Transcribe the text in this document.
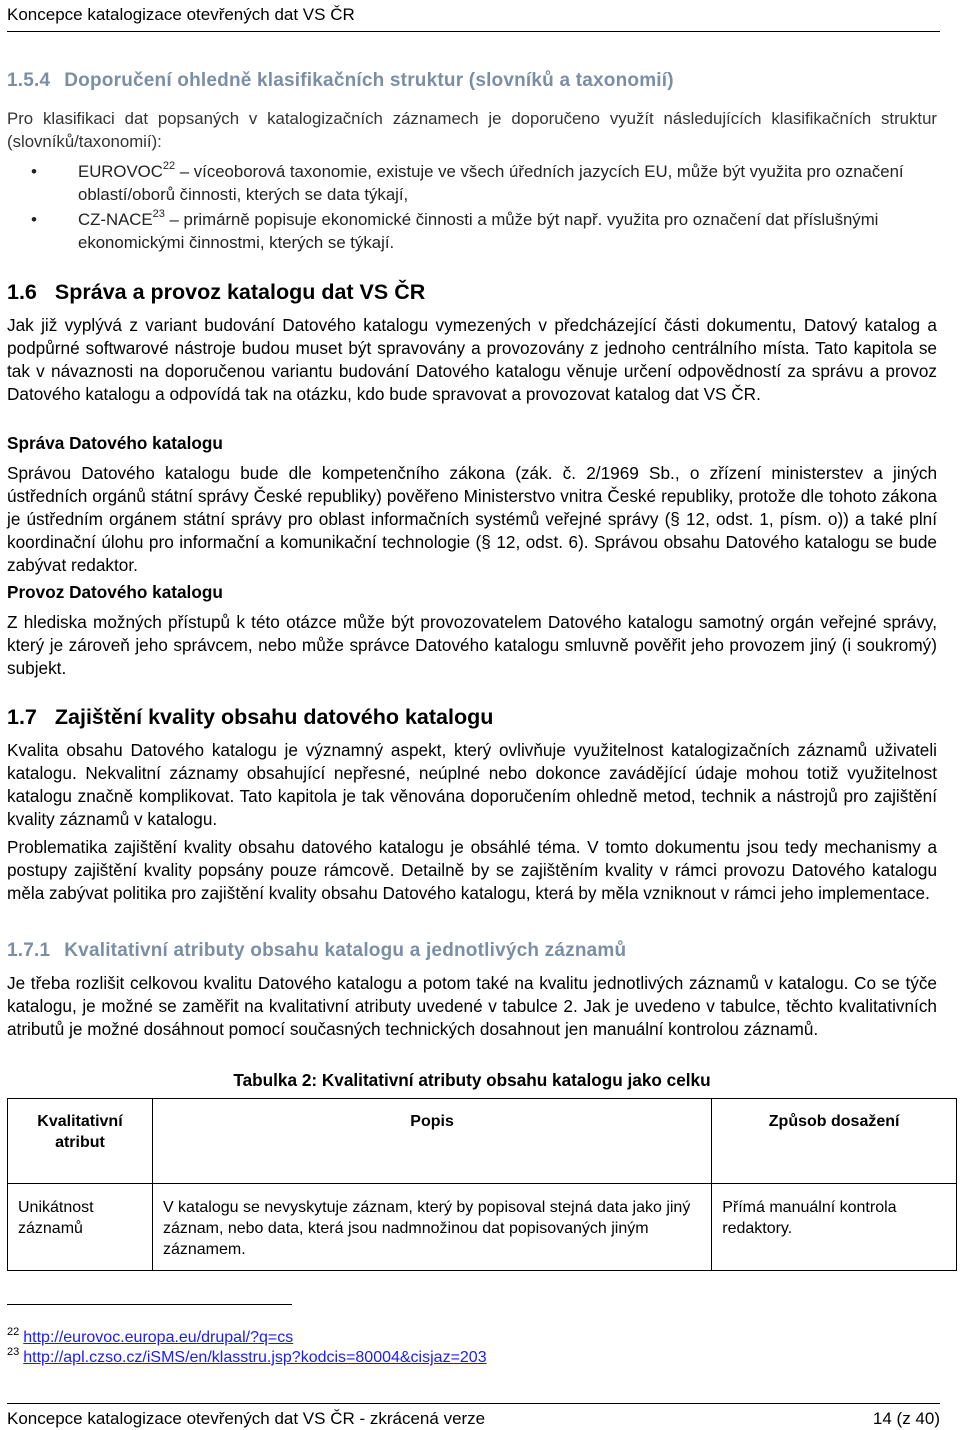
Koncepce katalogizace otevřených dat VS ČR
1.5.4 Doporučení ohledně klasifikačních struktur (slovníků a taxonomií)
Pro klasifikaci dat popsaných v katalogizačních záznamech je doporučeno využít následujících klasifikačních struktur (slovníků/taxonomií):
• EUROVOC$^{22}$ – víceoborová taxonomie, existuje ve všech úředních jazycích EU, může být využita pro označení oblastí/oborů činnosti, kterých se data týkají,
• CZ-NACE$^{23}$ – primárně popisuje ekonomické činnosti a může být např. využita pro označení dat příslušnými ekonomickými činnostmi, kterých se týkají.
1.6 Správa a provoz katalogu dat VS ČR
Jak již vyplývá z variant budování Datového katalogu vymezených v předcházející části dokumentu, Datový katalog a podpůrné softwarové nástroje budou muset být spravovány a provozovány z jednoho centrálního místa. Tato kapitola se tak v návaznosti na doporučenou variantu budování Datového katalogu věnuje určení odpovědností za správu a provoz Datového katalogu a odpovídá tak na otázku, kdo bude spravovat a provozovat katalog dat VS ČR.
Správa Datového katalogu
Správou Datového katalogu bude dle kompetenčního zákona (zák. č. 2/1969 Sb., o zřízení ministerstev a jiných ústředních orgánů státní správy České republiky) pověřeno Ministerstvo vnitra České republiky, protože dle tohoto zákona je ústředním orgánem státní správy pro oblast informačních systémů veřejné správy (§ 12, odst. 1, písm. o)) a také plní koordinační úlohu pro informační a komunikační technologie (§ 12, odst. 6). Správou obsahu Datového katalogu se bude zabývat redaktor.
Provoz Datového katalogu
Z hlediska možných přístupů k této otázce může být provozovatelem Datového katalogu samotný orgán veřejné správy, který je zároveň jeho správcem, nebo může správce Datového katalogu smluvně pověřit jeho provozem jiný (i soukromý) subjekt.
1.7 Zajištění kvality obsahu datového katalogu
Kvalita obsahu Datového katalogu je významný aspekt, který ovlivňuje využitelnost katalogizačních záznamů uživateli katalogu. Nekvalitní záznamy obsahující nepřesné, neúplné nebo dokonce zavádějící údaje mohou totiž využitelnost katalogu značně komplikovat. Tato kapitola je tak věnována doporučením ohledně metod, technik a nástrojů pro zajištění kvality záznamů v katalogu.
Problematika zajištění kvality obsahu datového katalogu je obsáhlé téma. V tomto dokumentu jsou tedy mechanismy a postupy zajištění kvality popsány pouze rámcově. Detailně by se zajištěním kvality v rámci provozu Datového katalogu měla zabývat politika pro zajištění kvality obsahu Datového katalogu, která by měla vzniknout v rámci jeho implementace.
1.7.1 Kvalitativní atributy obsahu katalogu a jednotlivých záznamů
Je třeba rozlišit celkovou kvalitu Datového katalogu a potom také na kvalitu jednotlivých záznamů v katalogu. Co se týče katalogu, je možné se zaměřit na kvalitativní atributy uvedené v tabulce 2. Jak je uvedeno v tabulce, těchto kvalitativních atributů je možné dosáhnout pomocí současných technických dosahnout jen manuální kontrolou záznamů.
Tabulka 2: Kvalitativní atributy obsahu katalogu jako celku
Kvalitativní atribut	Popis	Způsob dosažení
Unikátnost záznamů	V katalogu se nevyskytuje záznam, který by popisoval stejná data jako jiný záznam, nebo data, která jsou nadmnožinou dat popisovaných jiným záznamem.	Přímá manuální kontrola redaktory.
$^{22}$ http://eurovoc.europa.eu/drupal/?q=cs
$^{23}$ http://apl.czso.cz/iSMS/en/klasstru.jsp?kodcis=80004&cisjaz=203
Koncepce katalogizace otevřených dat VS ČR - zkrácená verze	14 (z 40)
